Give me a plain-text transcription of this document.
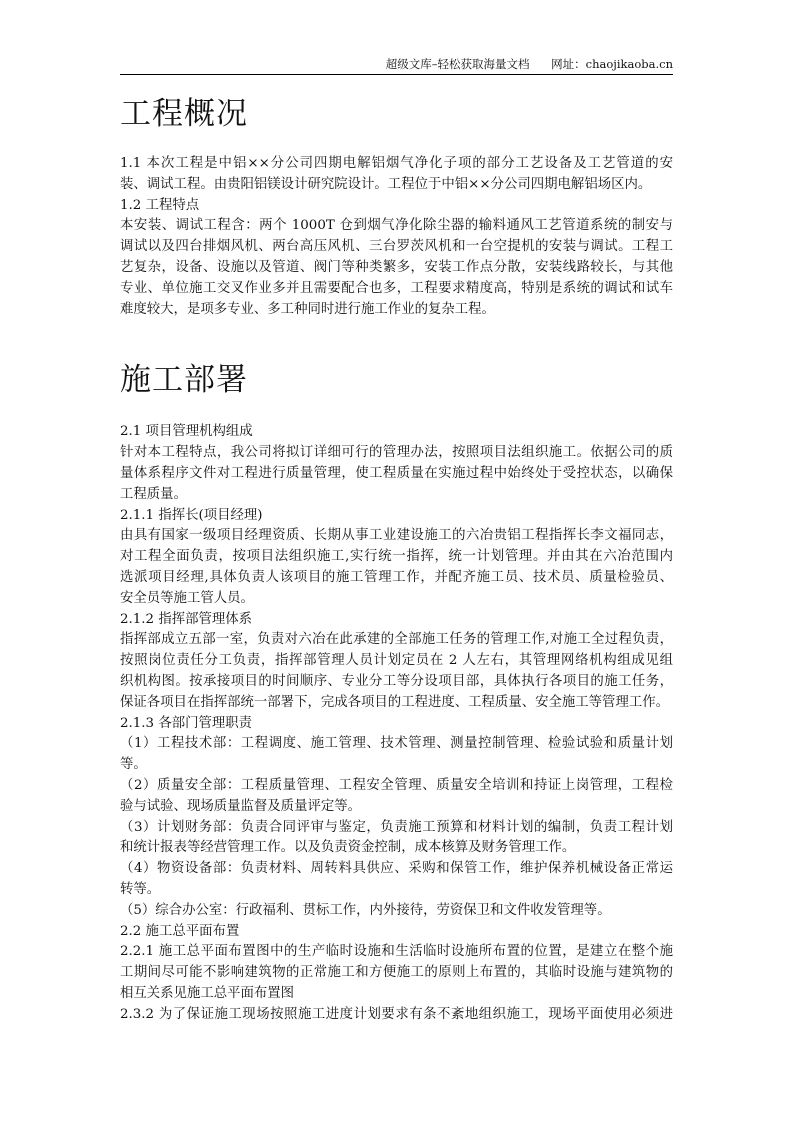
超级文库–轻松获取海量文档 网址：chaojikaoba.cn
工程概况
1.1 本次工程是中铝××分公司四期电解铝烟气净化子项的部分工艺设备及工艺管道的安
装、调试工程。由贵阳铝镁设计研究院设计。工程位于中铝××分公司四期电解铝场区内。
1.2 工程特点
本安装、调试工程含：两个 1000T 仓到烟气净化除尘器的输料通风工艺管道系统的制安与
调试以及四台排烟风机、两台高压风机、三台罗茨风机和一台空提机的安装与调试。工程工
艺复杂，设备、设施以及管道、阀门等种类繁多，安装工作点分散，安装线路较长，与其他
专业、单位施工交叉作业多并且需要配合也多，工程要求精度高，特别是系统的调试和试车
难度较大，是项多专业、多工种同时进行施工作业的复杂工程。
施工部署
2.1 项目管理机构组成
针对本工程特点，我公司将拟订详细可行的管理办法，按照项目法组织施工。依据公司的质
量体系程序文件对工程进行质量管理，使工程质量在实施过程中始终处于受控状态，以确保
工程质量。
2.1.1 指挥长(项目经理)
由具有国家一级项目经理资质、长期从事工业建设施工的六冶贵铝工程指挥长李文福同志，
对工程全面负责，按项目法组织施工,实行统一指挥，统一计划管理。并由其在六冶范围内
选派项目经理,具体负责人该项目的施工管理工作，并配齐施工员、技术员、质量检验员、
安全员等施工管人员。
2.1.2 指挥部管理体系
指挥部成立五部一室，负责对六冶在此承建的全部施工任务的管理工作,对施工全过程负责，
按照岗位责任分工负责，指挥部管理人员计划定员在 2 人左右，其管理网络机构组成见组
织机构图。按承接项目的时间顺序、专业分工等分设项目部，具体执行各项目的施工任务，
保证各项目在指挥部统一部署下，完成各项目的工程进度、工程质量、安全施工等管理工作。
2.1.3 各部门管理职责
（1）工程技术部：工程调度、施工管理、技术管理、测量控制管理、检验试验和质量计划
等。
（2）质量安全部：工程质量管理、工程安全管理、质量安全培训和持证上岗管理，工程检
验与试验、现场质量监督及质量评定等。
（3）计划财务部：负责合同评审与鉴定，负责施工预算和材料计划的编制，负责工程计划
和统计报表等经营管理工作。以及负责资金控制，成本核算及财务管理工作。
（4）物资设备部：负责材料、周转料具供应、采购和保管工作，维护保养机械设备正常运
转等。
（5）综合办公室：行政福利、贯标工作，内外接待，劳资保卫和文件收发管理等。
2.2 施工总平面布置
2.2.1 施工总平面布置图中的生产临时设施和生活临时设施所布置的位置，是建立在整个施
工期间尽可能不影响建筑物的正常施工和方便施工的原则上布置的，其临时设施与建筑物的
相互关系见施工总平面布置图
2.3.2 为了保证施工现场按照施工进度计划要求有条不紊地组织施工，现场平面使用必须进
